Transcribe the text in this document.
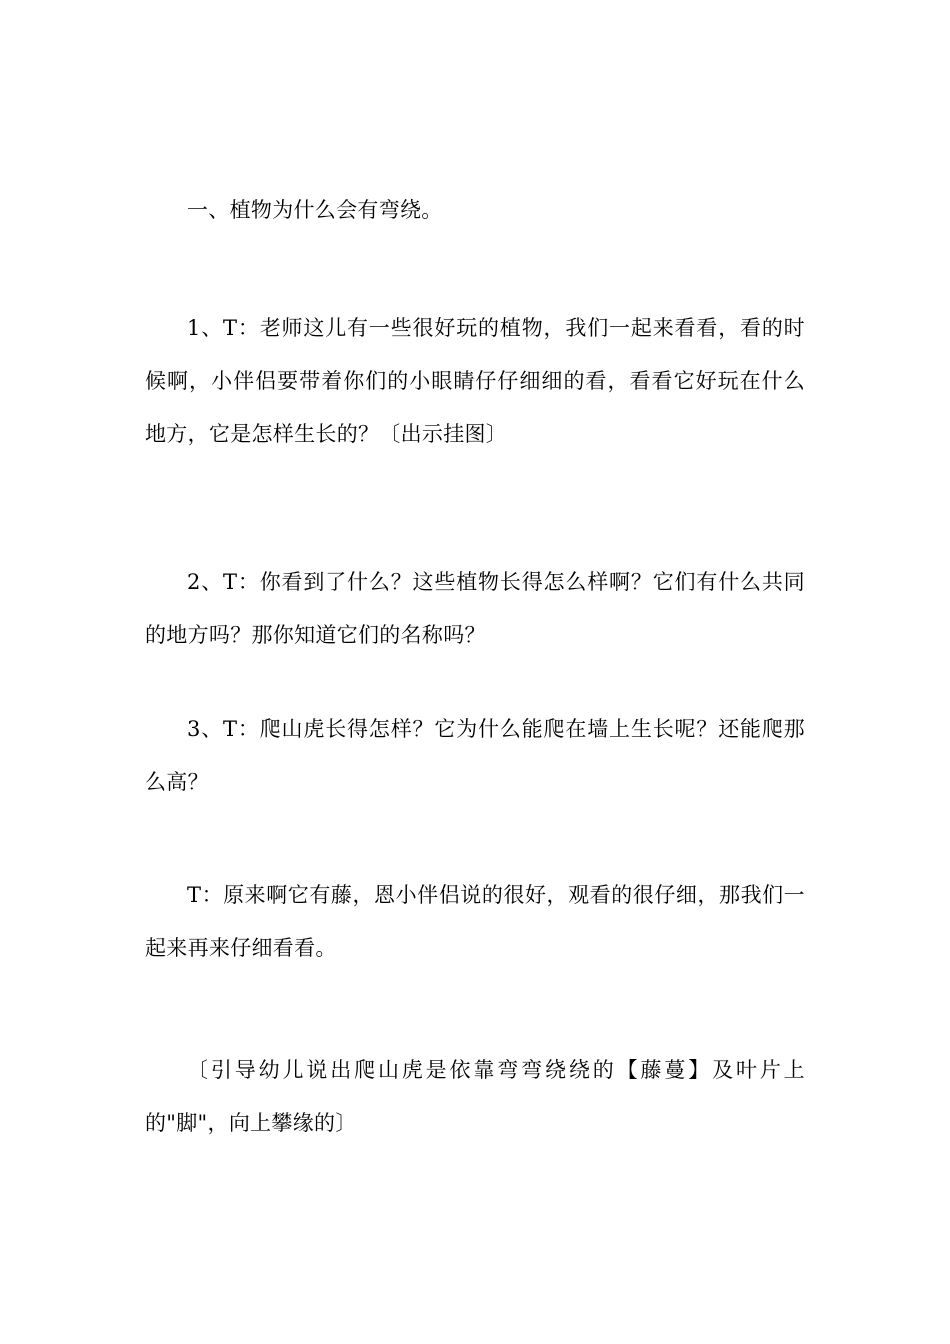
一、植物为什么会有弯绕。

1、T：老师这儿有一些很好玩的植物，我们一起来看看，看的时候啊，小伴侣要带着你们的小眼睛仔仔细细的看，看看它好玩在什么地方，它是怎样生长的？〔出示挂图〕

2、T：你看到了什么？这些植物长得怎么样啊？它们有什么共同的地方吗？那你知道它们的名称吗？

3、T：爬山虎长得怎样？它为什么能爬在墙上生长呢？还能爬那么高？

T：原来啊它有藤，恩小伴侣说的很好，观看的很仔细，那我们一起来再来仔细看看。

〔引导幼儿说出爬山虎是依靠弯弯绕绕的【藤蔓】及叶片上的"脚"，向上攀缘的〕
